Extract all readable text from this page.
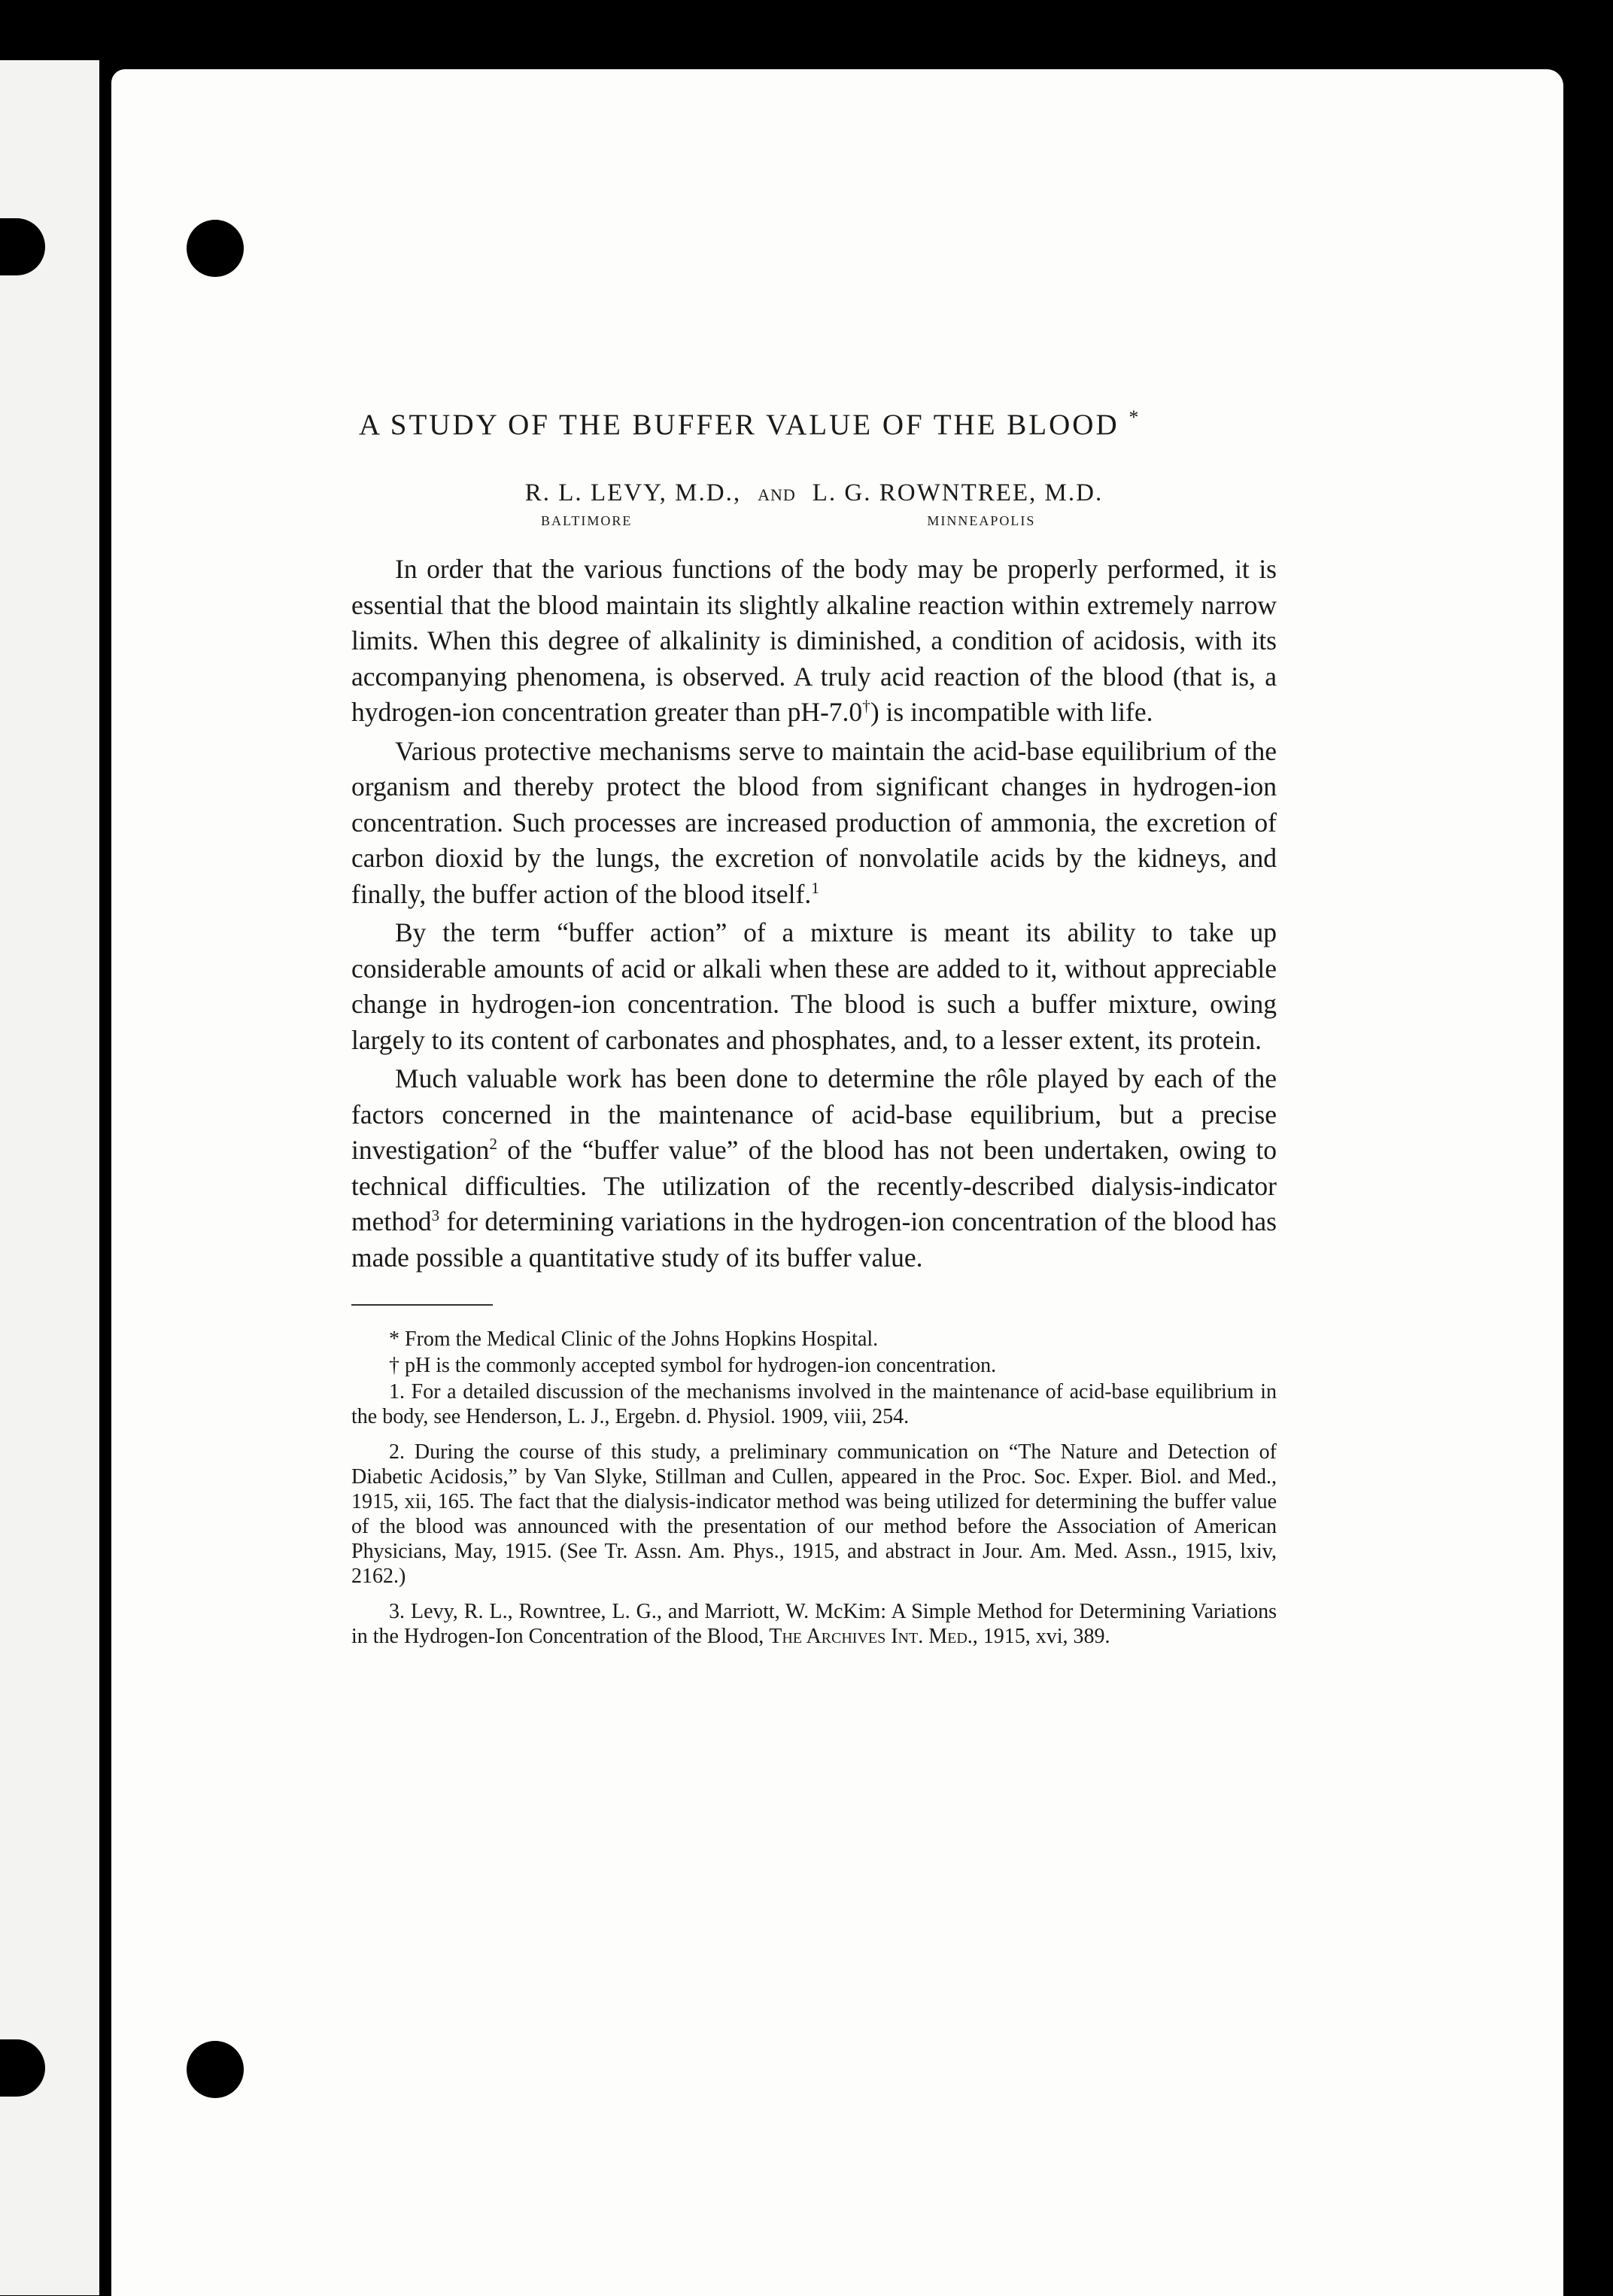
A STUDY OF THE BUFFER VALUE OF THE BLOOD *
R. L. LEVY, M.D., AND L. G. ROWNTREE, M.D.
BALTIMORE	MINNEAPOLIS

In order that the various functions of the body may be properly performed, it is essential that the blood maintain its slightly alkaline reaction within extremely narrow limits. When this degree of alkalinity is diminished, a condition of acidosis, with its accompanying phenomena, is observed. A truly acid reaction of the blood (that is, a hydrogen-ion concentration greater than pH-7.0†) is incompatible with life.

Various protective mechanisms serve to maintain the acid-base equilibrium of the organism and thereby protect the blood from significant changes in hydrogen-ion concentration. Such processes are increased production of ammonia, the excretion of carbon dioxid by the lungs, the excretion of nonvolatile acids by the kidneys, and finally, the buffer action of the blood itself.$^1$

By the term “buffer action” of a mixture is meant its ability to take up considerable amounts of acid or alkali when these are added to it, without appreciable change in hydrogen-ion concentration. The blood is such a buffer mixture, owing largely to its content of carbonates and phosphates, and, to a lesser extent, its protein.

Much valuable work has been done to determine the rôle played by each of the factors concerned in the maintenance of acid-base equilibrium, but a precise investigation$^2$ of the “buffer value” of the blood has not been undertaken, owing to technical difficulties. The utilization of the recently-described dialysis-indicator method$^3$ for determining variations in the hydrogen-ion concentration of the blood has made possible a quantitative study of its buffer value.

* From the Medical Clinic of the Johns Hopkins Hospital.

† pH is the commonly accepted symbol for hydrogen-ion concentration.

1. For a detailed discussion of the mechanisms involved in the maintenance of acid-base equilibrium in the body, see Henderson, L. J., Ergebn. d. Physiol. 1909, viii, 254.

2. During the course of this study, a preliminary communication on “The Nature and Detection of Diabetic Acidosis,” by Van Slyke, Stillman and Cullen, appeared in the Proc. Soc. Exper. Biol. and Med., 1915, xii, 165. The fact that the dialysis-indicator method was being utilized for determining the buffer value of the blood was announced with the presentation of our method before the Association of American Physicians, May, 1915. (See Tr. Assn. Am. Phys., 1915, and abstract in Jour. Am. Med. Assn., 1915, lxiv, 2162.)

3. Levy, R. L., Rowntree, L. G., and Marriott, W. McKim: A Simple Method for Determining Variations in the Hydrogen-Ion Concentration of the Blood, The Archives Int. Med., 1915, xvi, 389.
